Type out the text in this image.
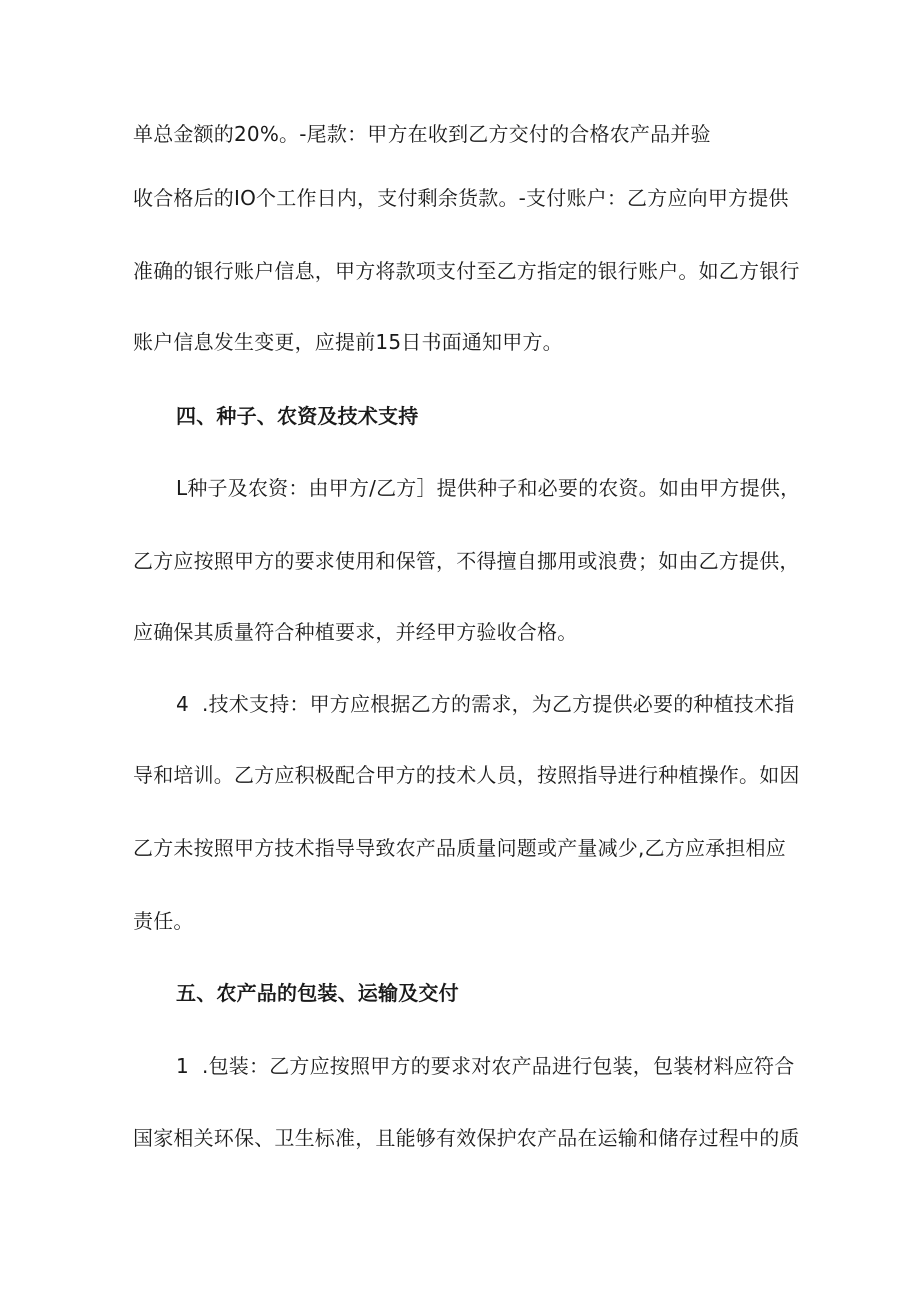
单总金额的20%。-尾款：甲方在收到乙方交付的合格农产品并验
收合格后的IO个工作日内，支付剩余货款。-支付账户：乙方应向甲方提供
准确的银行账户信息，甲方将款项支付至乙方指定的银行账户。如乙方银行
账户信息发生变更，应提前15日书面通知甲方。
四、种子、农资及技术支持
L种子及农资：由甲方/乙方］提供种子和必要的农资。如由甲方提供，
乙方应按照甲方的要求使用和保管，不得擅自挪用或浪费；如由乙方提供，
应确保其质量符合种植要求，并经甲方验收合格。
4  .技术支持：甲方应根据乙方的需求，为乙方提供必要的种植技术指
导和培训。乙方应积极配合甲方的技术人员，按照指导进行种植操作。如因
乙方未按照甲方技术指导导致农产品质量问题或产量减少,乙方应承担相应
责任。
五、农产品的包装、运输及交付
1  .包装：乙方应按照甲方的要求对农产品进行包装，包装材料应符合
国家相关环保、卫生标准，且能够有效保护农产品在运输和储存过程中的质
